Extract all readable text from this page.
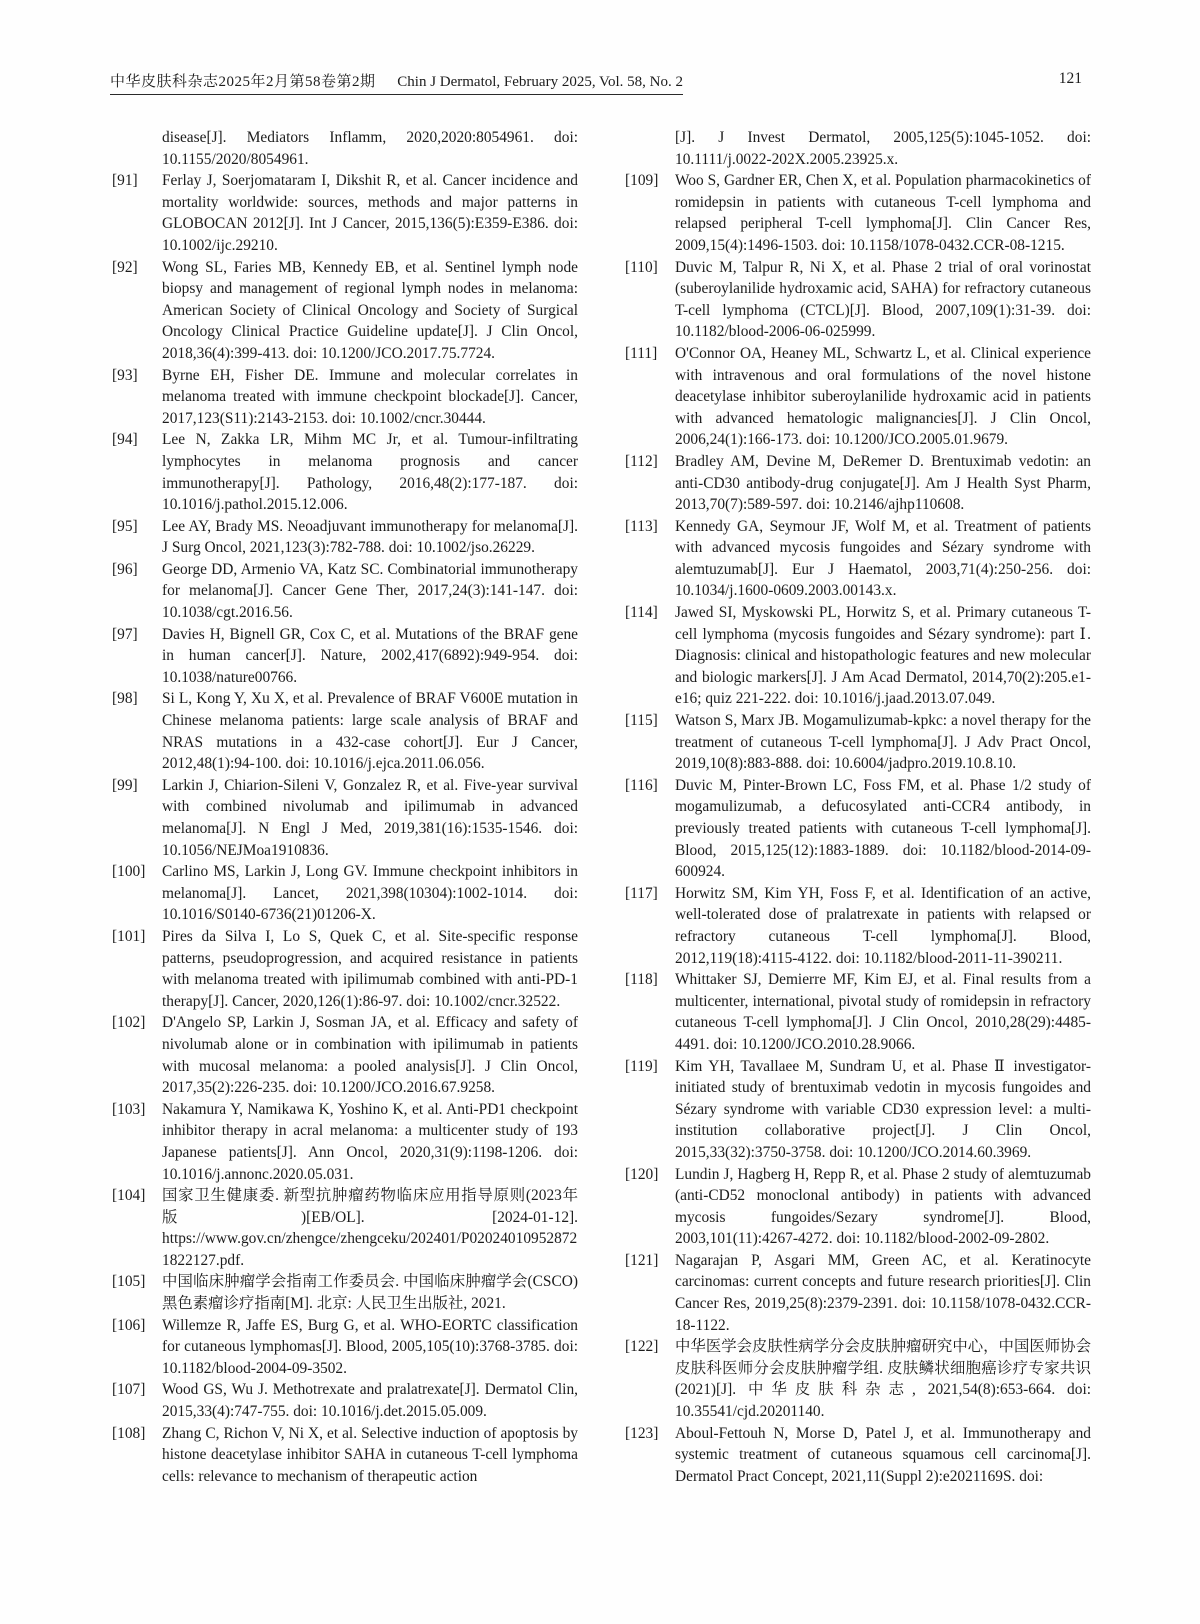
中华皮肤科杂志2025年2月第58卷第2期 Chin J Dermatol, February 2025, Vol. 58, No. 2	121
disease[J]. Mediators Inflamm, 2020,2020:8054961. doi: 10.1155/2020/8054961.
[91] Ferlay J, Soerjomataram I, Dikshit R, et al. Cancer incidence and mortality worldwide: sources, methods and major patterns in GLOBOCAN 2012[J]. Int J Cancer, 2015,136(5):E359-E386. doi: 10.1002/ijc.29210.
[92] Wong SL, Faries MB, Kennedy EB, et al. Sentinel lymph node biopsy and management of regional lymph nodes in melanoma: American Society of Clinical Oncology and Society of Surgical Oncology Clinical Practice Guideline update[J]. J Clin Oncol, 2018,36(4):399-413. doi: 10.1200/JCO.2017.75.7724.
[93] Byrne EH, Fisher DE. Immune and molecular correlates in melanoma treated with immune checkpoint blockade[J]. Cancer, 2017,123(S11):2143-2153. doi: 10.1002/cncr.30444.
[94] Lee N, Zakka LR, Mihm MC Jr, et al. Tumour-infiltrating lymphocytes in melanoma prognosis and cancer immunotherapy[J]. Pathology, 2016,48(2):177-187. doi: 10.1016/j.pathol.2015.12.006.
[95] Lee AY, Brady MS. Neoadjuvant immunotherapy for melanoma[J]. J Surg Oncol, 2021,123(3):782-788. doi: 10.1002/jso.26229.
[96] George DD, Armenio VA, Katz SC. Combinatorial immunotherapy for melanoma[J]. Cancer Gene Ther, 2017,24(3):141-147. doi: 10.1038/cgt.2016.56.
[97] Davies H, Bignell GR, Cox C, et al. Mutations of the BRAF gene in human cancer[J]. Nature, 2002,417(6892):949-954. doi: 10.1038/nature00766.
[98] Si L, Kong Y, Xu X, et al. Prevalence of BRAF V600E mutation in Chinese melanoma patients: large scale analysis of BRAF and NRAS mutations in a 432-case cohort[J]. Eur J Cancer, 2012,48(1):94-100. doi: 10.1016/j.ejca.2011.06.056.
[99] Larkin J, Chiarion-Sileni V, Gonzalez R, et al. Five-year survival with combined nivolumab and ipilimumab in advanced melanoma[J]. N Engl J Med, 2019,381(16):1535-1546. doi: 10.1056/NEJMoa1910836.
[100] Carlino MS, Larkin J, Long GV. Immune checkpoint inhibitors in melanoma[J]. Lancet, 2021,398(10304):1002-1014. doi: 10.1016/S0140-6736(21)01206-X.
[101] Pires da Silva I, Lo S, Quek C, et al. Site-specific response patterns, pseudoprogression, and acquired resistance in patients with melanoma treated with ipilimumab combined with anti-PD-1 therapy[J]. Cancer, 2020,126(1):86-97. doi: 10.1002/cncr.32522.
[102] D'Angelo SP, Larkin J, Sosman JA, et al. Efficacy and safety of nivolumab alone or in combination with ipilimumab in patients with mucosal melanoma: a pooled analysis[J]. J Clin Oncol, 2017,35(2):226-235. doi: 10.1200/JCO.2016.67.9258.
[103] Nakamura Y, Namikawa K, Yoshino K, et al. Anti-PD1 checkpoint inhibitor therapy in acral melanoma: a multicenter study of 193 Japanese patients[J]. Ann Oncol, 2020,31(9):1198-1206. doi: 10.1016/j.annonc.2020.05.031.
[104] 国家卫生健康委. 新型抗肿瘤药物临床应用指导原则(2023年版)[EB/OL]. [2024-01-12]. https://www.gov.cn/zhengce/zhengceku/202401/P020240109528721822127.pdf.
[105] 中国临床肿瘤学会指南工作委员会. 中国临床肿瘤学会(CSCO)黑色素瘤诊疗指南[M]. 北京: 人民卫生出版社, 2021.
[106] Willemze R, Jaffe ES, Burg G, et al. WHO-EORTC classification for cutaneous lymphomas[J]. Blood, 2005,105(10):3768-3785. doi: 10.1182/blood-2004-09-3502.
[107] Wood GS, Wu J. Methotrexate and pralatrexate[J]. Dermatol Clin, 2015,33(4):747-755. doi: 10.1016/j.det.2015.05.009.
[108] Zhang C, Richon V, Ni X, et al. Selective induction of apoptosis by histone deacetylase inhibitor SAHA in cutaneous T-cell lymphoma cells: relevance to mechanism of therapeutic action
[J]. J Invest Dermatol, 2005,125(5):1045-1052. doi: 10.1111/j.0022-202X.2005.23925.x.
[109] Woo S, Gardner ER, Chen X, et al. Population pharmacokinetics of romidepsin in patients with cutaneous T-cell lymphoma and relapsed peripheral T-cell lymphoma[J]. Clin Cancer Res, 2009,15(4):1496-1503. doi: 10.1158/1078-0432.CCR-08-1215.
[110] Duvic M, Talpur R, Ni X, et al. Phase 2 trial of oral vorinostat (suberoylanilide hydroxamic acid, SAHA) for refractory cutaneous T-cell lymphoma (CTCL)[J]. Blood, 2007,109(1):31-39. doi: 10.1182/blood-2006-06-025999.
[111] O'Connor OA, Heaney ML, Schwartz L, et al. Clinical experience with intravenous and oral formulations of the novel histone deacetylase inhibitor suberoylanilide hydroxamic acid in patients with advanced hematologic malignancies[J]. J Clin Oncol, 2006,24(1):166-173. doi: 10.1200/JCO.2005.01.9679.
[112] Bradley AM, Devine M, DeRemer D. Brentuximab vedotin: an anti-CD30 antibody-drug conjugate[J]. Am J Health Syst Pharm, 2013,70(7):589-597. doi: 10.2146/ajhp110608.
[113] Kennedy GA, Seymour JF, Wolf M, et al. Treatment of patients with advanced mycosis fungoides and Sézary syndrome with alemtuzumab[J]. Eur J Haematol, 2003,71(4):250-256. doi: 10.1034/j.1600-0609.2003.00143.x.
[114] Jawed SI, Myskowski PL, Horwitz S, et al. Primary cutaneous T-cell lymphoma (mycosis fungoides and Sézary syndrome): part Ⅰ. Diagnosis: clinical and histopathologic features and new molecular and biologic markers[J]. J Am Acad Dermatol, 2014,70(2):205.e1-e16; quiz 221-222. doi: 10.1016/j.jaad.2013.07.049.
[115] Watson S, Marx JB. Mogamulizumab-kpkc: a novel therapy for the treatment of cutaneous T-cell lymphoma[J]. J Adv Pract Oncol, 2019,10(8):883-888. doi: 10.6004/jadpro.2019.10.8.10.
[116] Duvic M, Pinter-Brown LC, Foss FM, et al. Phase 1/2 study of mogamulizumab, a defucosylated anti-CCR4 antibody, in previously treated patients with cutaneous T-cell lymphoma[J]. Blood, 2015,125(12):1883-1889. doi: 10.1182/blood-2014-09-600924.
[117] Horwitz SM, Kim YH, Foss F, et al. Identification of an active, well-tolerated dose of pralatrexate in patients with relapsed or refractory cutaneous T-cell lymphoma[J]. Blood, 2012,119(18):4115-4122. doi: 10.1182/blood-2011-11-390211.
[118] Whittaker SJ, Demierre MF, Kim EJ, et al. Final results from a multicenter, international, pivotal study of romidepsin in refractory cutaneous T-cell lymphoma[J]. J Clin Oncol, 2010,28(29):4485-4491. doi: 10.1200/JCO.2010.28.9066.
[119] Kim YH, Tavallaee M, Sundram U, et al. Phase Ⅱ investigator-initiated study of brentuximab vedotin in mycosis fungoides and Sézary syndrome with variable CD30 expression level: a multi-institution collaborative project[J]. J Clin Oncol, 2015,33(32):3750-3758. doi: 10.1200/JCO.2014.60.3969.
[120] Lundin J, Hagberg H, Repp R, et al. Phase 2 study of alemtuzumab (anti-CD52 monoclonal antibody) in patients with advanced mycosis fungoides/Sezary syndrome[J]. Blood, 2003,101(11):4267-4272. doi: 10.1182/blood-2002-09-2802.
[121] Nagarajan P, Asgari MM, Green AC, et al. Keratinocyte carcinomas: current concepts and future research priorities[J]. Clin Cancer Res, 2019,25(8):2379-2391. doi: 10.1158/1078-0432.CCR-18-1122.
[122] 中华医学会皮肤性病学分会皮肤肿瘤研究中心，中国医师协会皮肤科医师分会皮肤肿瘤学组. 皮肤鳞状细胞癌诊疗专家共识(2021)[J]. 中华皮肤科杂志, 2021,54(8):653-664. doi: 10.35541/cjd.20201140.
[123] Aboul-Fettouh N, Morse D, Patel J, et al. Immunotherapy and systemic treatment of cutaneous squamous cell carcinoma[J]. Dermatol Pract Concept, 2021,11(Suppl 2):e2021169S. doi:
